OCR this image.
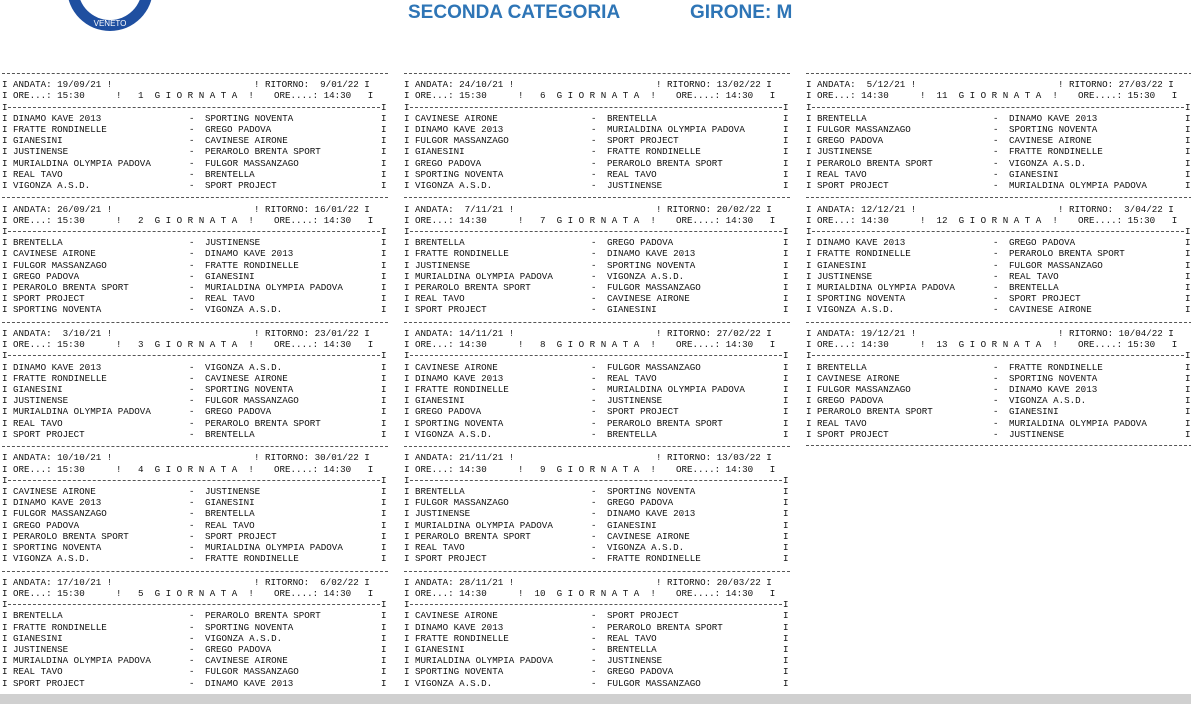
VENETO
SECONDA CATEGORIA	GIRONE: M
I ANDATA: 19/09/21 !	! RITORNO:  9/01/22 I
I ORE...: 15:30	!   1  G I O R N A T A  ! ORE....: 14:30   I
I	I
I DINAMO KAVE 2013	- SPORTING NOVENTA	I
I FRATTE RONDINELLE	- GREGO PADOVA	I
I GIANESINI	- CAVINESE AIRONE	I
I JUSTINENSE	- PERAROLO BRENTA SPORT	I
I MURIALDINA OLYMPIA PADOVA	- FULGOR MASSANZAGO	I
I REAL TAVO	- BRENTELLA	I
I VIGONZA A.S.D.	- SPORT PROJECT	I
I ANDATA: 26/09/21 !	! RITORNO: 16/01/22 I
I ORE...: 15:30	!   2  G I O R N A T A  ! ORE....: 14:30   I
I	I
I BRENTELLA	- JUSTINENSE	I
I CAVINESE AIRONE	- DINAMO KAVE 2013	I
I FULGOR MASSANZAGO	- FRATTE RONDINELLE	I
I GREGO PADOVA	- GIANESINI	I
I PERAROLO BRENTA SPORT	- MURIALDINA OLYMPIA PADOVA	I
I SPORT PROJECT	- REAL TAVO	I
I SPORTING NOVENTA	- VIGONZA A.S.D.	I
I ANDATA:  3/10/21 !	! RITORNO: 23/01/22 I
I ORE...: 15:30	!   3  G I O R N A T A  ! ORE....: 14:30   I
I	I
I DINAMO KAVE 2013	- VIGONZA A.S.D.	I
I FRATTE RONDINELLE	- CAVINESE AIRONE	I
I GIANESINI	- SPORTING NOVENTA	I
I JUSTINENSE	- FULGOR MASSANZAGO	I
I MURIALDINA OLYMPIA PADOVA	- GREGO PADOVA	I
I REAL TAVO	- PERAROLO BRENTA SPORT	I
I SPORT PROJECT	- BRENTELLA	I
I ANDATA: 10/10/21 !	! RITORNO: 30/01/22 I
I ORE...: 15:30	!   4  G I O R N A T A  ! ORE....: 14:30   I
I	I
I CAVINESE AIRONE	- JUSTINENSE	I
I DINAMO KAVE 2013	- GIANESINI	I
I FULGOR MASSANZAGO	- BRENTELLA	I
I GREGO PADOVA	- REAL TAVO	I
I PERAROLO BRENTA SPORT	- SPORT PROJECT	I
I SPORTING NOVENTA	- MURIALDINA OLYMPIA PADOVA	I
I VIGONZA A.S.D.	- FRATTE RONDINELLE	I
I ANDATA: 17/10/21 !	! RITORNO:  6/02/22 I
I ORE...: 15:30	!   5  G I O R N A T A  ! ORE....: 14:30   I
I	I
I BRENTELLA	- PERAROLO BRENTA SPORT	I
I FRATTE RONDINELLE	- SPORTING NOVENTA	I
I GIANESINI	- VIGONZA A.S.D.	I
I JUSTINENSE	- GREGO PADOVA	I
I MURIALDINA OLYMPIA PADOVA	- CAVINESE AIRONE	I
I REAL TAVO	- FULGOR MASSANZAGO	I
I SPORT PROJECT	- DINAMO KAVE 2013	I
I ANDATA: 24/10/21 !	! RITORNO: 13/02/22 I
I ORE...: 15:30	!   6  G I O R N A T A  ! ORE....: 14:30   I
I	I
I CAVINESE AIRONE	- BRENTELLA	I
I DINAMO KAVE 2013	- MURIALDINA OLYMPIA PADOVA	I
I FULGOR MASSANZAGO	- SPORT PROJECT	I
I GIANESINI	- FRATTE RONDINELLE	I
I GREGO PADOVA	- PERAROLO BRENTA SPORT	I
I SPORTING NOVENTA	- REAL TAVO	I
I VIGONZA A.S.D.	- JUSTINENSE	I
I ANDATA:  7/11/21 !	! RITORNO: 20/02/22 I
I ORE...: 14:30	!   7  G I O R N A T A  ! ORE....: 14:30   I
I	I
I BRENTELLA	- GREGO PADOVA	I
I FRATTE RONDINELLE	- DINAMO KAVE 2013	I
I JUSTINENSE	- SPORTING NOVENTA	I
I MURIALDINA OLYMPIA PADOVA	- VIGONZA A.S.D.	I
I PERAROLO BRENTA SPORT	- FULGOR MASSANZAGO	I
I REAL TAVO	- CAVINESE AIRONE	I
I SPORT PROJECT	- GIANESINI	I
I ANDATA: 14/11/21 !	! RITORNO: 27/02/22 I
I ORE...: 14:30	!   8  G I O R N A T A  ! ORE....: 14:30   I
I	I
I CAVINESE AIRONE	- FULGOR MASSANZAGO	I
I DINAMO KAVE 2013	- REAL TAVO	I
I FRATTE RONDINELLE	- MURIALDINA OLYMPIA PADOVA	I
I GIANESINI	- JUSTINENSE	I
I GREGO PADOVA	- SPORT PROJECT	I
I SPORTING NOVENTA	- PERAROLO BRENTA SPORT	I
I VIGONZA A.S.D.	- BRENTELLA	I
I ANDATA: 21/11/21 !	! RITORNO: 13/03/22 I
I ORE...: 14:30	!   9  G I O R N A T A  ! ORE....: 14:30   I
I	I
I BRENTELLA	- SPORTING NOVENTA	I
I FULGOR MASSANZAGO	- GREGO PADOVA	I
I JUSTINENSE	- DINAMO KAVE 2013	I
I MURIALDINA OLYMPIA PADOVA	- GIANESINI	I
I PERAROLO BRENTA SPORT	- CAVINESE AIRONE	I
I REAL TAVO	- VIGONZA A.S.D.	I
I SPORT PROJECT	- FRATTE RONDINELLE	I
I ANDATA: 28/11/21 !	! RITORNO: 20/03/22 I
I ORE...: 14:30	!  10  G I O R N A T A  ! ORE....: 14:30   I
I	I
I CAVINESE AIRONE	- SPORT PROJECT	I
I DINAMO KAVE 2013	- PERAROLO BRENTA SPORT	I
I FRATTE RONDINELLE	- REAL TAVO	I
I GIANESINI	- BRENTELLA	I
I MURIALDINA OLYMPIA PADOVA	- JUSTINENSE	I
I SPORTING NOVENTA	- GREGO PADOVA	I
I VIGONZA A.S.D.	- FULGOR MASSANZAGO	I
I ANDATA:  5/12/21 !	! RITORNO: 27/03/22 I
I ORE...: 14:30	!  11  G I O R N A T A  ! ORE....: 15:30   I
I	I
I BRENTELLA	- DINAMO KAVE 2013	I
I FULGOR MASSANZAGO	- SPORTING NOVENTA	I
I GREGO PADOVA	- CAVINESE AIRONE	I
I JUSTINENSE	- FRATTE RONDINELLE	I
I PERAROLO BRENTA SPORT	- VIGONZA A.S.D.	I
I REAL TAVO	- GIANESINI	I
I SPORT PROJECT	- MURIALDINA OLYMPIA PADOVA	I
I ANDATA: 12/12/21 !	! RITORNO:  3/04/22 I
I ORE...: 14:30	!  12  G I O R N A T A  ! ORE....: 15:30   I
I	I
I DINAMO KAVE 2013	- GREGO PADOVA	I
I FRATTE RONDINELLE	- PERAROLO BRENTA SPORT	I
I GIANESINI	- FULGOR MASSANZAGO	I
I JUSTINENSE	- REAL TAVO	I
I MURIALDINA OLYMPIA PADOVA	- BRENTELLA	I
I SPORTING NOVENTA	- SPORT PROJECT	I
I VIGONZA A.S.D.	- CAVINESE AIRONE	I
I ANDATA: 19/12/21 !	! RITORNO: 10/04/22 I
I ORE...: 14:30	!  13  G I O R N A T A  ! ORE....: 15:30   I
I	I
I BRENTELLA	- FRATTE RONDINELLE	I
I CAVINESE AIRONE	- SPORTING NOVENTA	I
I FULGOR MASSANZAGO	- DINAMO KAVE 2013	I
I GREGO PADOVA	- VIGONZA A.S.D.	I
I PERAROLO BRENTA SPORT	- GIANESINI	I
I REAL TAVO	- MURIALDINA OLYMPIA PADOVA	I
I SPORT PROJECT	- JUSTINENSE	I
